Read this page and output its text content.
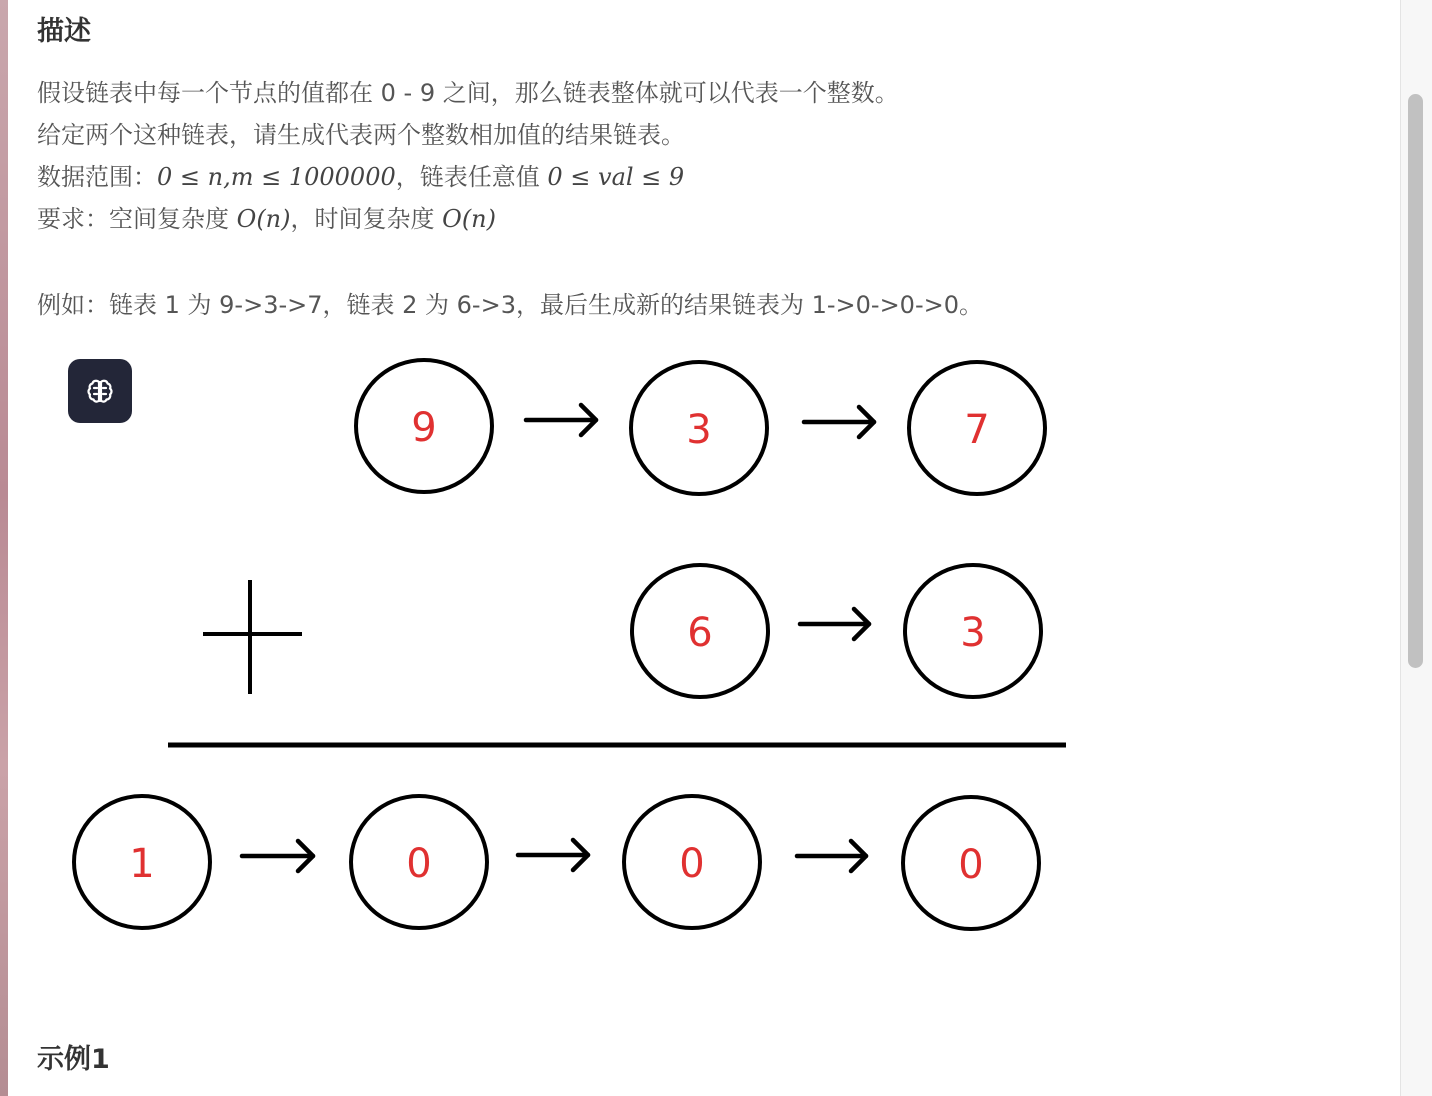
描述
假设链表中每一个节点的值都在 0 - 9 之间，那么链表整体就可以代表一个整数。
给定两个这种链表，请生成代表两个整数相加值的结果链表。
数据范围：0 ≤ n,m ≤ 1000000，链表任意值 0 ≤ val ≤ 9
要求：空间复杂度 O(n)，时间复杂度 O(n)
例如：链表 1 为 9->3->7，链表 2 为 6->3，最后生成新的结果链表为 1->0->0->0。
示例1
9	3	7
6	3
+
1	0	0	0
